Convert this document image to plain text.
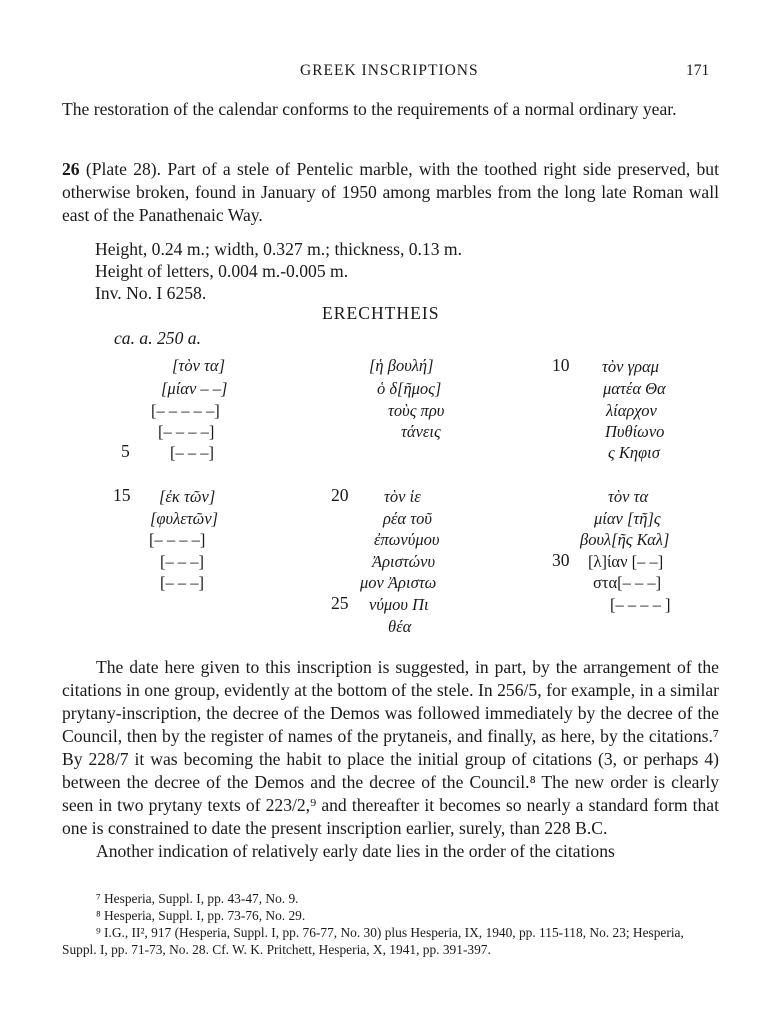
GREEK INSCRIPTIONS	171
The restoration of the calendar conforms to the requirements of a normal ordinary year.
26 (Plate 28). Part of a stele of Pentelic marble, with the toothed right side preserved, but otherwise broken, found in January of 1950 among marbles from the long late Roman wall east of the Panathenaic Way.
Height, 0.24 m.; width, 0.327 m.; thickness, 0.13 m.
Height of letters, 0.004 m.-0.005 m.
Inv. No. I 6258.
ERECHTHEIS
ca. a. 250 a.
5
10
15	20
25
30
[τὸν τα]
[μίαν – –]
[– – – – –]
[– – – –]
[– – –]
[ἡ βουλή]
ὁ δ[ῆμος]
τοὺς πρυ
τάνεις
τὸν γραμ
ματέα Θα
λίαρχον
Πυθίωνο
ς Κηφισ
[ἐκ τῶν]
[φυλετῶν]
[– – – –]
[– – –]
[– – –]
τὸν ἱε
ρέα τοῦ
ἐπωνύμου
Ἀριστώνυ
μον Ἀριστω
νύμου Πι
θέα
τὸν τα
μίαν [τῆ]ς
βουλ[ῆς Καλ]
[λ]ίαν [– –]
στα[– – –]
[– – – – ]
The date here given to this inscription is suggested, in part, by the arrangement of the citations in one group, evidently at the bottom of the stele. In 256/5, for example, in a similar prytany-inscription, the decree of the Demos was followed immediately by the decree of the Council, then by the register of names of the prytaneis, and finally, as here, by the citations.⁷ By 228/7 it was becoming the habit to place the initial group of citations (3, or perhaps 4) between the decree of the Demos and the decree of the Council.⁸ The new order is clearly seen in two prytany texts of 223/2,⁹ and thereafter it becomes so nearly a standard form that one is constrained to date the present inscription earlier, surely, than 228 B.C.
Another indication of relatively early date lies in the order of the citations
⁷ Hesperia, Suppl. I, pp. 43-47, No. 9.
⁸ Hesperia, Suppl. I, pp. 73-76, No. 29.
⁹ I.G., II², 917 (Hesperia, Suppl. I, pp. 76-77, No. 30) plus Hesperia, IX, 1940, pp. 115-118, No. 23; Hesperia, Suppl. I, pp. 71-73, No. 28. Cf. W. K. Pritchett, Hesperia, X, 1941, pp. 391-397.
